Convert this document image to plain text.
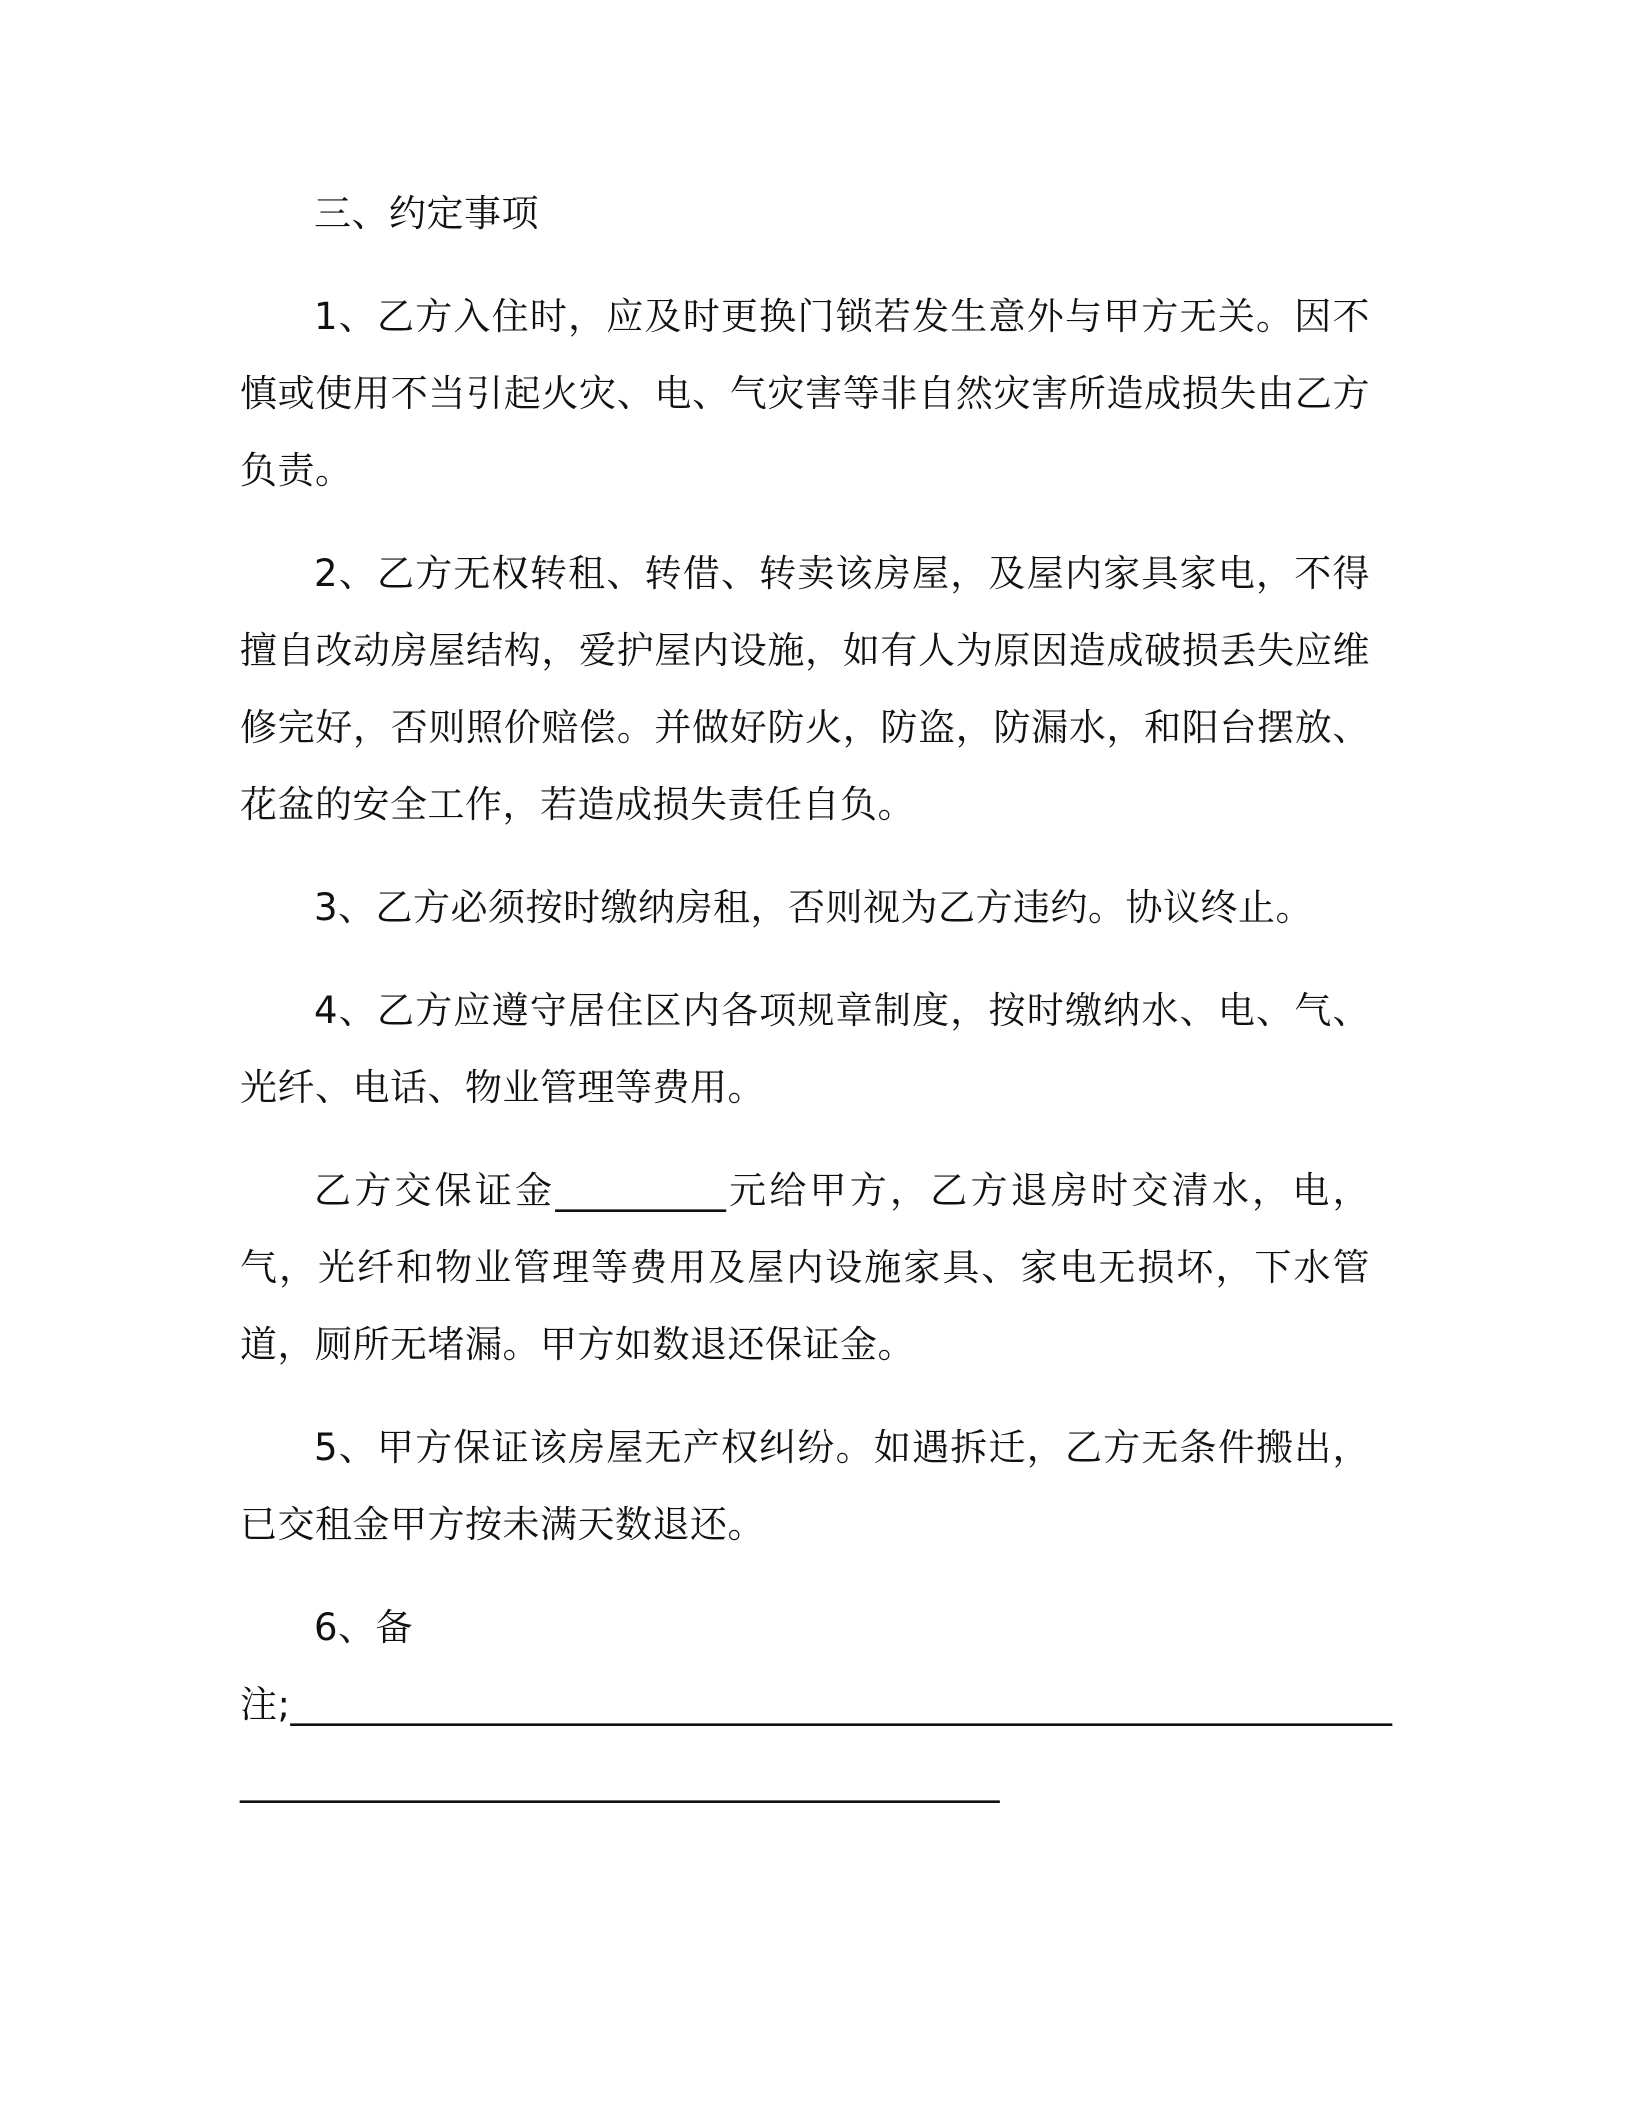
三、约定事项

1、乙方入住时，应及时更换门锁若发生意外与甲方无关。因不慎或使用不当引起火灾、电、气灾害等非自然灾害所造成损失由乙方负责。

2、乙方无权转租、转借、转卖该房屋，及屋内家具家电，不得擅自改动房屋结构，爱护屋内设施，如有人为原因造成破损丢失应维修完好，否则照价赔偿。并做好防火，防盗，防漏水，和阳台摆放、花盆的安全工作，若造成损失责任自负。

3、乙方必须按时缴纳房租，否则视为乙方违约。协议终止。

4、乙方应遵守居住区内各项规章制度，按时缴纳水、电、气、光纤、电话、物业管理等费用。

乙方交保证金_________元给甲方，乙方退房时交清水，电，气，光纤和物业管理等费用及屋内设施家具、家电无损坏，下水管道，厕所无堵漏。甲方如数退还保证金。

5、甲方保证该房屋无产权纠纷。如遇拆迁，乙方无条件搬出，已交租金甲方按未满天数退还。

6、备

注;__________________________________________________________

________________________________________
